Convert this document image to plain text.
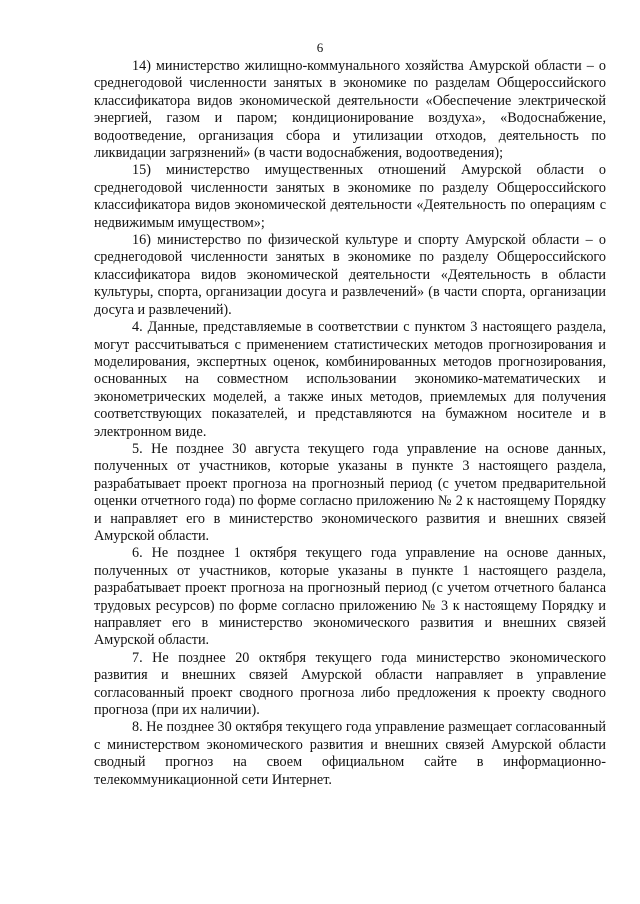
6

14) министерство жилищно-коммунального хозяйства Амурской области – о среднегодовой численности занятых в экономике по разделам Общероссийского классификатора видов экономической деятельности «Обеспечение электрической энергией, газом и паром; кондиционирование воздуха», «Водоснабжение, водоотведение, организация сбора и утилизации отходов, деятельность по ликвидации загрязнений» (в части водоснабжения, водоотведения);

15) министерство имущественных отношений Амурской области о среднегодовой численности занятых в экономике по разделу Общероссийского классификатора видов экономической деятельности «Деятельность по операциям с недвижимым имуществом»;

16) министерство по физической культуре и спорту Амурской области – о среднегодовой численности занятых в экономике по разделу Общероссийского классификатора видов экономической деятельности «Деятельность в области культуры, спорта, организации досуга и развлечений» (в части спорта, организации досуга и развлечений).

4. Данные, представляемые в соответствии с пунктом 3 настоящего раздела, могут рассчитываться с применением статистических методов прогнозирования и моделирования, экспертных оценок, комбинированных методов прогнозирования, основанных на совместном использовании экономико-математических и эконометрических моделей, а также иных методов, приемлемых для получения соответствующих показателей, и представляются на бумажном носителе и в электронном виде.

5. Не позднее 30 августа текущего года управление на основе данных, полученных от участников, которые указаны в пункте 3 настоящего раздела, разрабатывает проект прогноза на прогнозный период (с учетом предварительной оценки отчетного года) по форме согласно приложению № 2 к настоящему Порядку и направляет его в министерство экономического развития и внешних связей Амурской области.

6. Не позднее 1 октября текущего года управление на основе данных, полученных от участников, которые указаны в пункте 1 настоящего раздела, разрабатывает проект прогноза на прогнозный период (с учетом отчетного баланса трудовых ресурсов) по форме согласно приложению № 3 к настоящему Порядку и направляет его в министерство экономического развития и внешних связей Амурской области.

7. Не позднее 20 октября текущего года министерство экономического развития и внешних связей Амурской области направляет в управление согласованный проект сводного прогноза либо предложения к проекту сводного прогноза (при их наличии).

8. Не позднее 30 октября текущего года управление размещает согласованный с министерством экономического развития и внешних связей Амурской области сводный прогноз на своем официальном сайте в информационно-телекоммуникационной сети Интернет.
